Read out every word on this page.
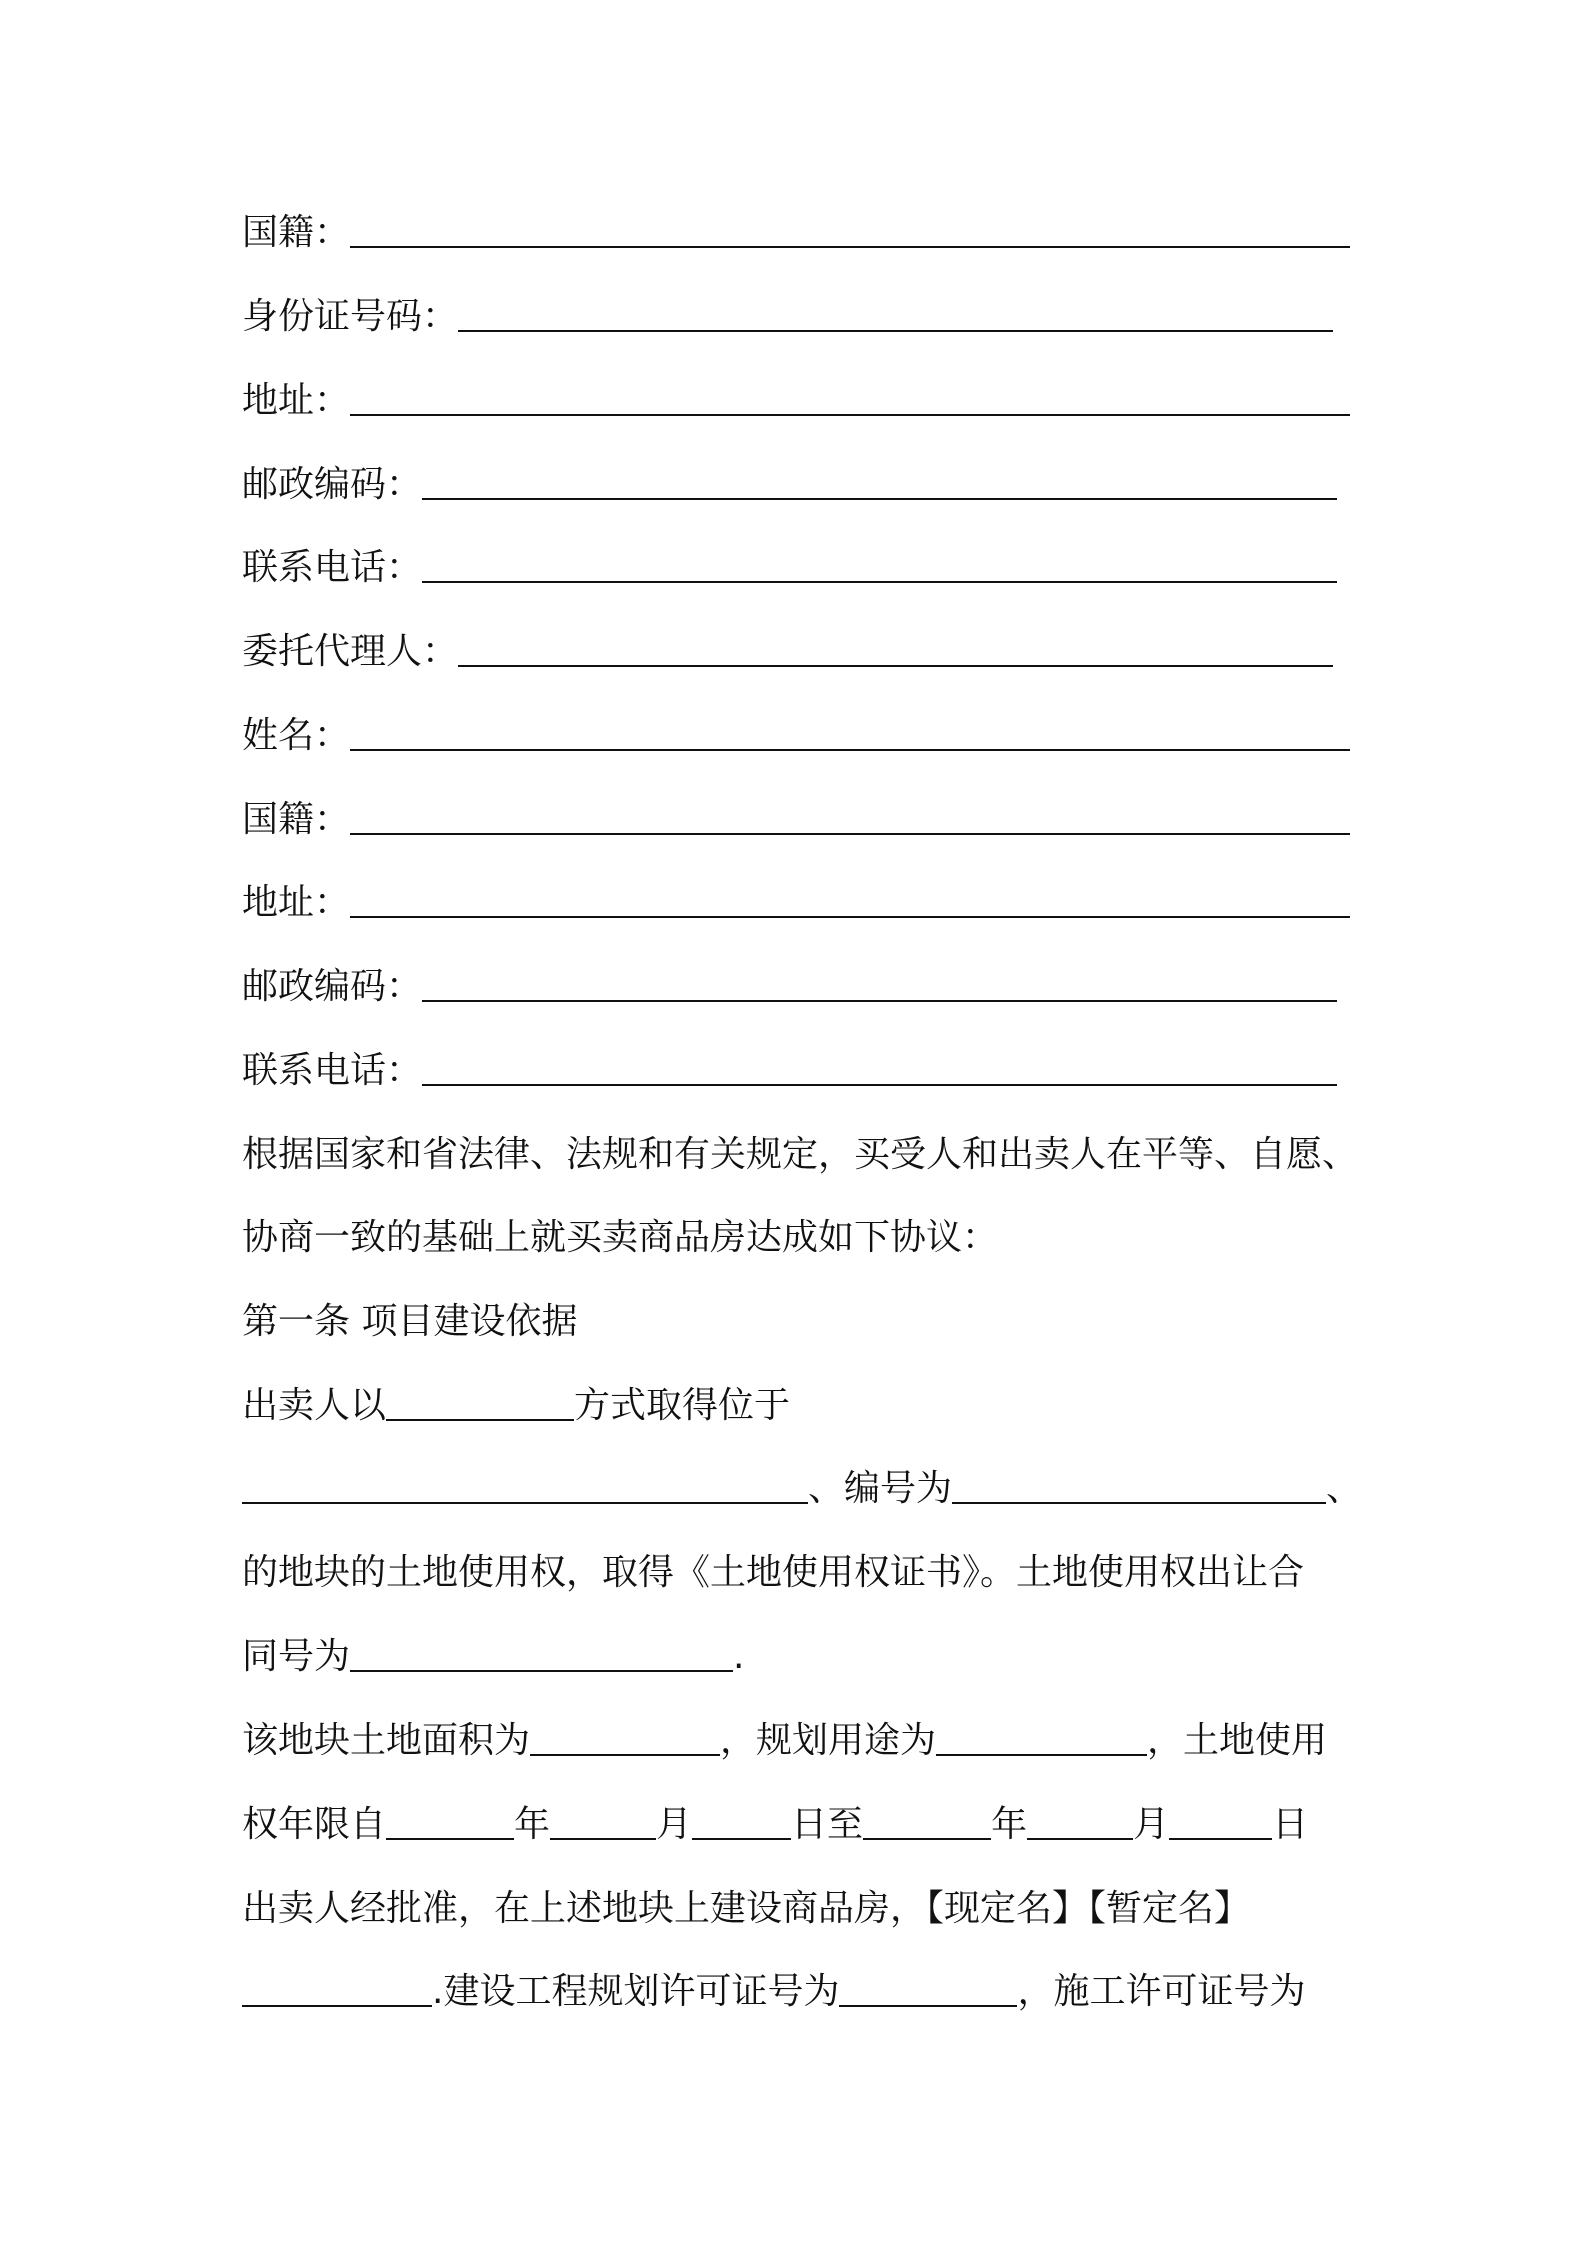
国籍：
身份证号码：
地址：
邮政编码：
联系电话：
委托代理人：
姓名：
国籍：
地址：
邮政编码：
联系电话：
根据国家和省法律、法规和有关规定，买受人和出卖人在平等、自愿、
协商一致的基础上就买卖商品房达成如下协议：
第一条 项目建设依据
出卖人以	方式取得位于
、编号为	、
的地块的土地使用权，取得《土地使用权证书》。土地使用权出让合
同号为	.
该地块土地面积为	，规划用途为	，土地使用
权年限自	年	月	日至	年	月	日
出卖人经批准，在上述地块上建设商品房，【现定名】【暂定名】
.建设工程规划许可证号为	，施工许可证号为
